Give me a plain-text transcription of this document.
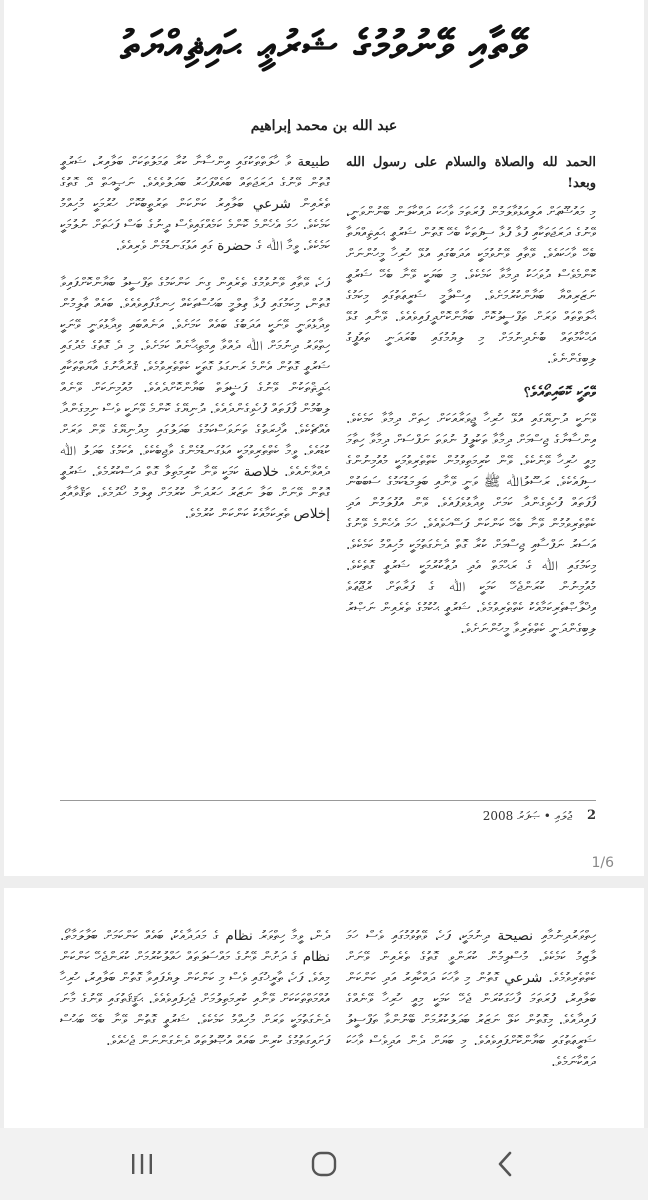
ވޭތާއި ވޭނުވުމުގެ ޝަރުޢީ ޙައިޘިއްޔަތު
عبد الله بن محمد إبراهيم

الحمد لله والصلاة والسلام على رسول الله وبعد!

މި މައުޟޫޢަށް އަލިއަޅުވާލަމުން ފުރަތަމަ ވާހަކަ ދައްކާލަން ބޭނުންވަނީ، ވޭނުގެ ދަރަޖަތަކާއި ފުޅާ ފުޅާ ސިފަތަކާ ބެހޭ ގޮތުން ޝަރުޢީ ޙައިޘިއްޔަތާ ބެހޭ ވާހަކައެވެ. ވޭތާއި ވޭނުވުމަކީ އަދަބުގައި އުޅޭ ހުރިހާ މީހުންނަށް ކޮންމެވެސް ދުވަހަކު ދިމާވާ ކަމެކެވެ. މި ބަޔަކީ ވޭނާ ބެހޭ ޝަރުޢީ ނަޒަރިއްޔާ ބަޔާންކުރުމަށެވެ. އިސްލާމީ ޝަރީޢަތުގައި މިކަމުގެ ޙާލަތްތައް ވަރަށް ތަފްސީލުކޮށް ބަޔާންކޮށްދީފައިވެއެވެ. ވޭނާއި ގުޅޭ އަޙްކާމުތައް ބުނެދިނުމަށް މި ލިޔުމުގައި ބުރަދަނީ ތައުފީގު ލިބިގެންނެވެ.

ވޭތަކީ ކޮބައިތޯއެވެ؟

ވޭނަކީ ދުނިޔޭގައި އުޅޭ ހުރިހާ ޖީވަރާއަކަށް ހިތަށް ދިމާވާ ކަމެކެވެ. އިންސާނާގެ ޖިސްމަށް ދިމާވާ ތަކުލީފު ނުވަތަ ނަފްސަށް ދިމާވާ ހިތާމަ މިއީ ހުރިހާ ވޭނެކެވެ. ވޭން ކުރިމަތިވުމުން ކެތްތެރިވުމަކީ މުއުމިނުންގެ ސިފައެކެވެ. ރަސޫލުﷲ ﷺ ވަނީ ވޭނާއި ބަލިމަޑުކަމުގެ ސަބަބުން ފާފަތައް ފުހެވިގެންދާ ކަމަށް ވިދާޅުވެފައެވެ. ވޭން އުފުލަމުން އަދި ކެތްތެރިވުމުން ވޭނާ ބެހޭ ކަންކަން ފަސޭހަވެއެވެ. ހަމަ އެހެންމެ ވޭނުގެ އަސަރު ނަފްސާއި ޖިސްމަށް ކުރާ ގޮތް ދެނެގަތުމަކީ މުހިއްމު ކަމެކެވެ. މިކަމުގައި ﷲ ގެ ރަޙްމަތް އެދި ދުޢާކުރުމަކީ ޝަރުޢީ ގޮތެކެވެ. މުއުމިނުން ކުރަންޖެހޭ ކަމަކީ ﷲ ގެ ފަރާތަށް ރުޖޫޢަވެ އިޚްލާޞްތެރިކަމާއެކު ކެތްތެރިވުމެވެ. ޝަރުޢީ ޙުކުމުގެ ތެރެއިން ނަޞްރު ލިބިގެންދަނީ ކެތްތެރިވާ މީހުންނަށެވެ.

طبيعة ވާ ހާލަތްތަކުގައި އިންސާނާ ކުރާ ޢަމަލުތަކަށް ބަލާއިރު، ޝަރުޢީ ގޮތުން ވޭނުގެ ދަރަޖަތައް ބައެއްފަހަރު ބަދަލުވެއެވެ. ނަޞީޙަތް ދޭ ގޮތުގެ ތެރެއިން شرعي ބަލާއިރު ކަންކަން ތަރުތީބުކޮށް ހުރުމަކީ މުހިއްމު ކަމެކެވެ. ހަމަ އެހެންމެ ކޮންމެ ކަމެއްގައިވެސް ދީނުގެ ބަސް ފަހަތަށް ނުލުމަކީ ކަމެކެވެ. ވީމާ ﷲ ގެ حضرة ގައި އަޅުގަނޑުމެން ވެރިއެވެ.

ފަހެ، ވޭތާއި ވޭނުވުމުގެ ތެރެއިން ގިނަ ކަންކަމުގެ ތަފްސީލު ބަޔާންކޮށްފައިވާ ގޮތުން، މިކަމުގައި ފުޅާ ޢިލްމީ ބަޙުސްތަކެއް ހިނގާފައިވެއެވެ. ބައެއް ޢާލިމުން ވިދާޅުވަނީ ވޭނަކީ އަދަބުގެ ބައެއް ކަމަށެވެ. އަނެއްބައި ވިދާޅުވަނީ ވޭނަކީ ހިތްވަރު ދިނުމަށް ﷲ ދެއްވާ އިމްތިޙާނެއް ކަމަށެވެ. މި ދެ ގޮތުގެ މެދުގައި ޝަރުޢީ ގޮތުން އެންމެ ރަނގަޅު ގޮތަކީ ކެތްތެރިވުމެވެ. ޤުރުއާނުގެ އާޔަތްތަކާއި ޙަދީޘްތަކުން ވޭނުގެ ފަޟީލަތް ބަޔާންކޮށްދެއެވެ. މުއުމިނަކަށް ވޭނެއް ލިބުމުން ފާފަތައް ފުހެވިގެންދެއެވެ. ދުނިޔޭގެ ކޮންމެ ވޭނަކީ ވެސް ނިމިގެންދާ އެއްޗެކެވެ. އާޚިރަތުގެ ތަނަވަސްކަމުގެ ބަދަލުގައި މިދުނިޔޭގެ ވޭން ވަރަށް ކުޑައެވެ. ވީމާ ކެތްތެރިވުމަކީ އަޅުގަނޑުމެންގެ ވާޖިބެކެވެ. އެކަމުގެ ބަދަލު ﷲ ދެއްވާނެއެވެ. خلاصة ކަމަކީ ވޭނާ ކުރިމަތިލާ ގޮތް ދަސްކުރުމެވެ. ޝަރުޢީ ގޮތުން ވޭނަށް ބަލާ ނަޒަރު ހަރުދަނާ ކުރުމަށް ޢިލްމު ހޯދުމެވެ. ތަޤްވާއާއި إخلاص ތެރިކަމާއެކު ކަންކަން ކުރުމެވެ.

2
ޖުލައި • ޞަފަރު 2008
1/6

ހިތްވަރުދިނުމާއި نصيحة ދިނުމަކީ، ފަހެ، ވޭތުވުމުގައި ވެސް ހަމަ ލާޒިމު ކަމެކެވެ. މުސްލިމުން ކުރަންވީ ގޮތުގެ ތެރެއިން ވޭނަށް ކެތްތެރިވުމެވެ. شرعي ގޮތުން މި ވާހަކަ ދައްކާއިރު އަދި ކަންކަން ބަލާއިރު، ފުރަތަމަ ފާހަގަކުރަން ޖެހޭ ކަމަކީ މިއީ ހުރިހާ ވޭނެއްގެ ފައިދާއެވެ. މިގޮތުން ކަލޭ ނަޒަރު ބަދަލުކުރުމަށް ބޭނުންވާ ތަފްސީލު ޝަރީޢަތުގައި ބަޔާންކޮށްފައިވެއެވެ. މި ބަޔަށް ދެން އަދިވެސް ވާހަކަ ދައްކާނަމެވެ.

ދެން، ވީމާ ހިތްވަރު نظام ގެ މަދަދާއެކު، ބައެއް ކަންކަމަށް ބަލާލަމާތޯ. نظام ގެ ދަށުން ވޭނުގެ މައްސަލަތައް ހައްލުކުރުމަށް ކުރަންޖެހޭ ކަންކަން މިއެވެ. ފަހެ، ތާރީޚުގައި ވެސް މި ކަންކަން ލިޔެފައިވާ ގޮތުން ބަލާއިރު، ހުރިހާ އުއްމަތްތަކަކަށް ވޭނާއި ކުރިމަތިލުމަށް ޖެހިފައިވެއެވެ. ޙަޤީޤަތުގައި ވޭނުގެ މާނަ ދެނެގަތުމަކީ ވަރަށް މުހިއްމު ކަމެކެވެ. ޝަރުޢީ ގޮތުން ވޭނާ ބެހޭ ބަޙުސް ފަށައިގަތުމުގެ ކުރިން ބައެއް އުޞޫލުތައް ދެނެގަންނަން ޖެހެއެވެ.
